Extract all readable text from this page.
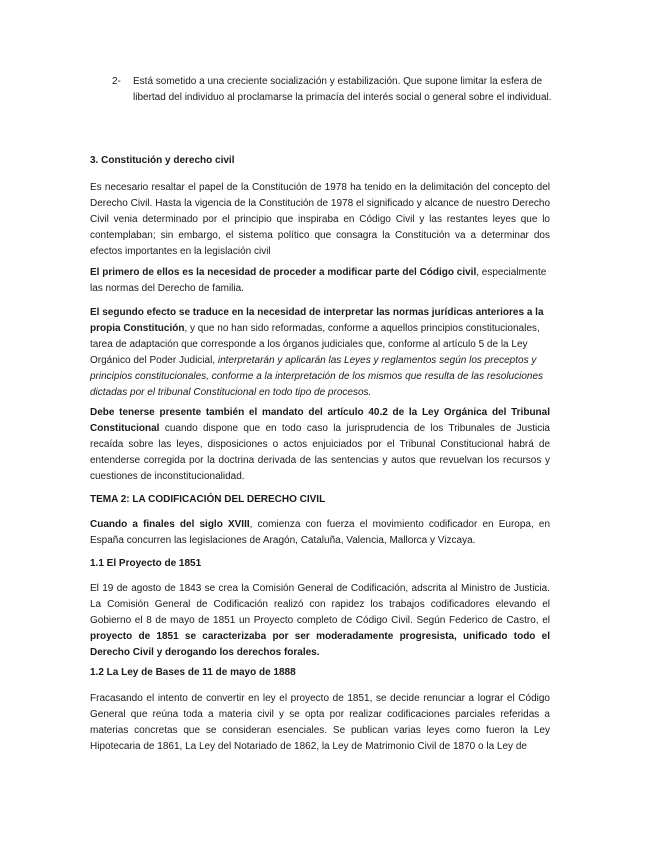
2-	Está sometido a una creciente socialización y estabilización. Que supone limitar la esfera de libertad del individuo al proclamarse la primacía del interés social o general sobre el individual.
3. Constitución y derecho civil
Es necesario resaltar el papel de la Constitución de 1978 ha tenido en la delimitación del concepto del Derecho Civil. Hasta la vigencia de la Constitución de 1978 el significado y alcance de nuestro Derecho Civil venia determinado por el principio que inspiraba en Código Civil y las restantes leyes que lo contemplaban; sin embargo, el sistema político que consagra la Constitución va a determinar dos efectos importantes en la legislación civil
El primero de ellos es la necesidad de proceder a modificar parte del Código civil, especialmente las normas del Derecho de familia.
El segundo efecto se traduce en la necesidad de interpretar las normas jurídicas anteriores a la propia Constitución, y que no han sido reformadas, conforme a aquellos principios constitucionales, tarea de adaptación que corresponde a los órganos judiciales que, conforme al artículo 5 de la Ley Orgánico del Poder Judicial, interpretarán y aplicarán las Leyes y reglamentos según los preceptos y principios constitucionales, conforme a la interpretación de los mismos que resulta de las resoluciones dictadas por el tribunal Constitucional en todo tipo de procesos.
Debe tenerse presente también el mandato del artículo 40.2 de la Ley Orgánica del Tribunal Constitucional cuando dispone que en todo caso la jurisprudencia de los Tribunales de Justicia recaída sobre las leyes, disposiciones o actos enjuiciados por el Tribunal Constitucional habrá de entenderse corregida por la doctrina derivada de las sentencias y autos que revuelvan los recursos y cuestiones de inconstitucionalidad.
TEMA 2: LA CODIFICACIÓN DEL DERECHO CIVIL
Cuando a finales del siglo XVIII, comienza con fuerza el movimiento codificador en Europa, en España concurren las legislaciones de Aragón, Cataluña, Valencia, Mallorca y Vizcaya.
1.1 El Proyecto de 1851
El 19 de agosto de 1843 se crea la Comisión General de Codificación, adscrita al Ministro de Justicia. La Comisión General de Codificación realizó con rapidez los trabajos codificadores elevando el Gobierno el 8 de mayo de 1851 un Proyecto completo de Código Civil. Según Federico de Castro, el proyecto de 1851 se caracterizaba por ser moderadamente progresista, unificado todo el Derecho Civil y derogando los derechos forales.
1.2 La Ley de Bases de 11 de mayo de 1888
Fracasando el intento de convertir en ley el proyecto de 1851, se decide renunciar a lograr el Código General que reúna toda a materia civil y se opta por realizar codificaciones parciales referidas a materias concretas que se consideran esenciales. Se publican varias leyes como fueron la Ley Hipotecaria de 1861, La Ley del Notariado de 1862, la Ley de Matrimonio Civil de 1870 o la Ley de
